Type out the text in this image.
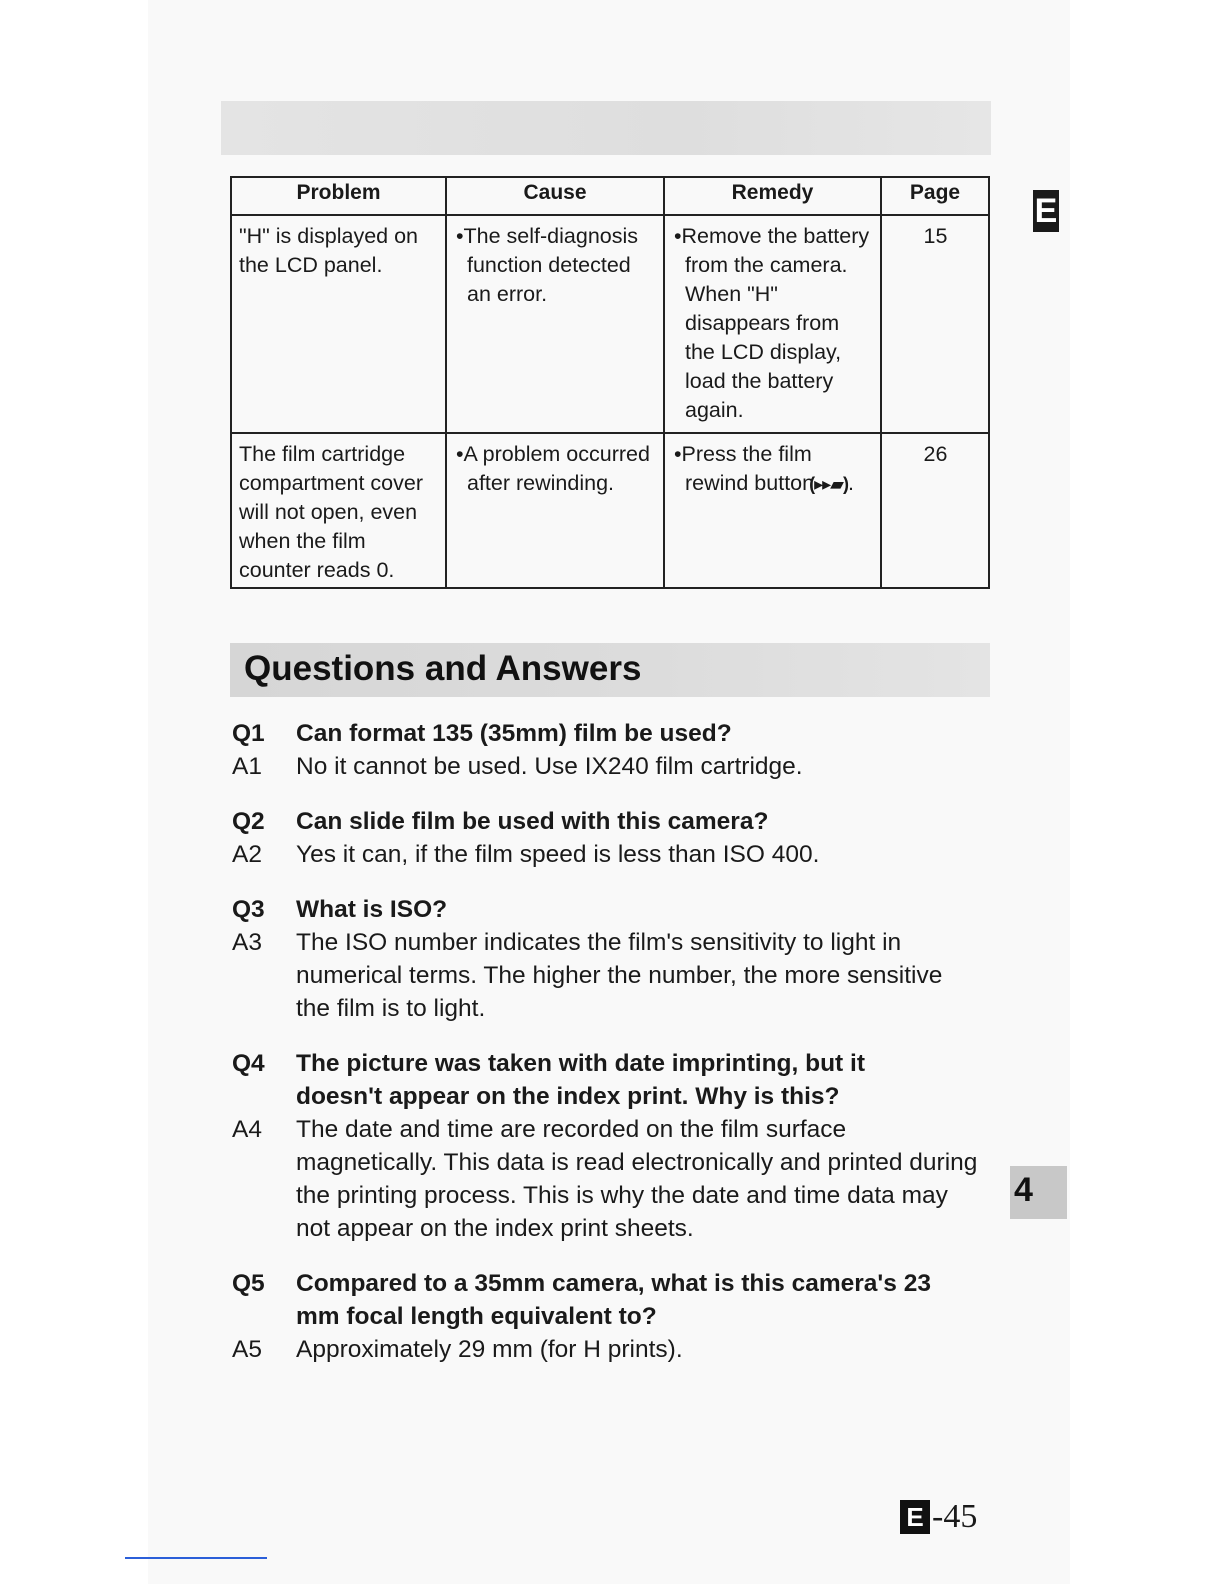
Problem	Cause	Remedy	Page
"H" is displayed on the LCD panel.	•The self-diagnosis function detected an error.	•Remove the battery from the camera. When "H" disappears from the LCD display, load the battery again.	15
The film cartridge compartment cover will not open, even when the film counter reads 0.	•A problem occurred after rewinding.	•Press the film rewind button (▸▸▰).	26
Questions and Answers
Q1	Can format 135 (35mm) film be used?
A1	No it cannot be used. Use IX240 film cartridge.
Q2	Can slide film be used with this camera?
A2	Yes it can, if the film speed is less than ISO 400.
Q3	What is ISO?
A3	The ISO number indicates the film's sensitivity to light in numerical terms. The higher the number, the more sensitive the film is to light.
Q4	The picture was taken with date imprinting, but it doesn't appear on the index print. Why is this?
A4	The date and time are recorded on the film surface magnetically. This data is read electronically and printed during the printing process. This is why the date and time data may not appear on the index print sheets.
Q5	Compared to a 35mm camera, what is this camera's 23 mm focal length equivalent to?
A5	Approximately 29 mm (for H prints).
E
4
E -45
